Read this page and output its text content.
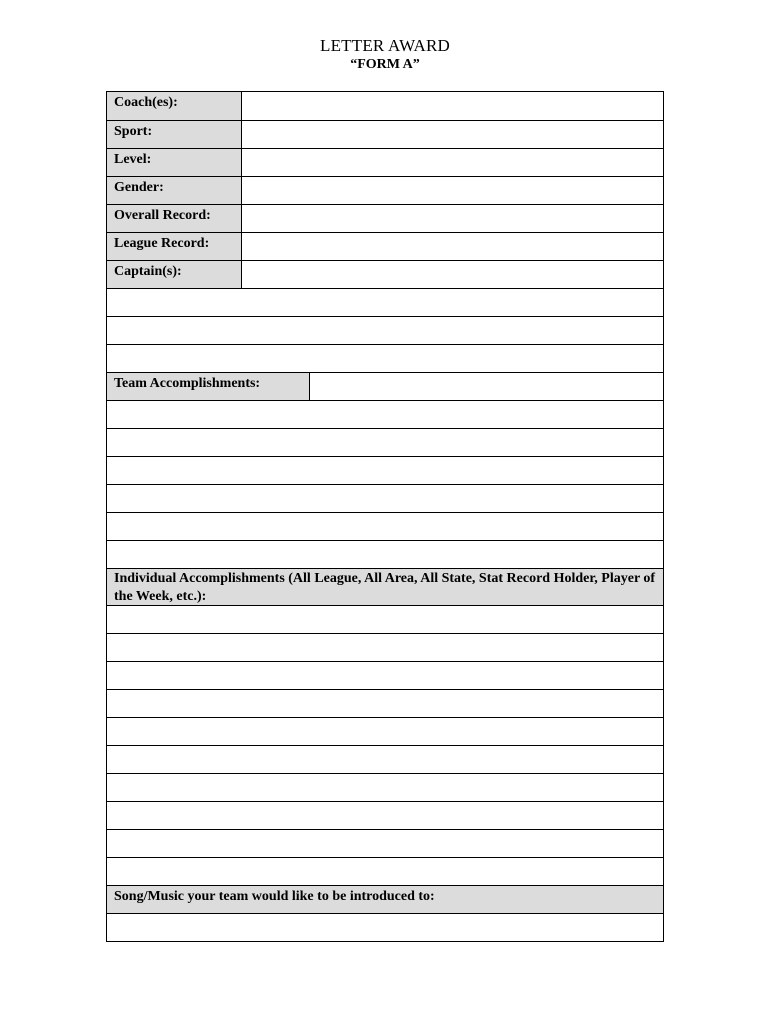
LETTER AWARD
“FORM A”
Coach(es):
Sport:
Level:
Gender:
Overall Record:
League Record:
Captain(s):
Team Accomplishments:
Individual Accomplishments (All League, All Area, All State, Stat Record Holder, Player of the Week, etc.):
Song/Music your team would like to be introduced to:
